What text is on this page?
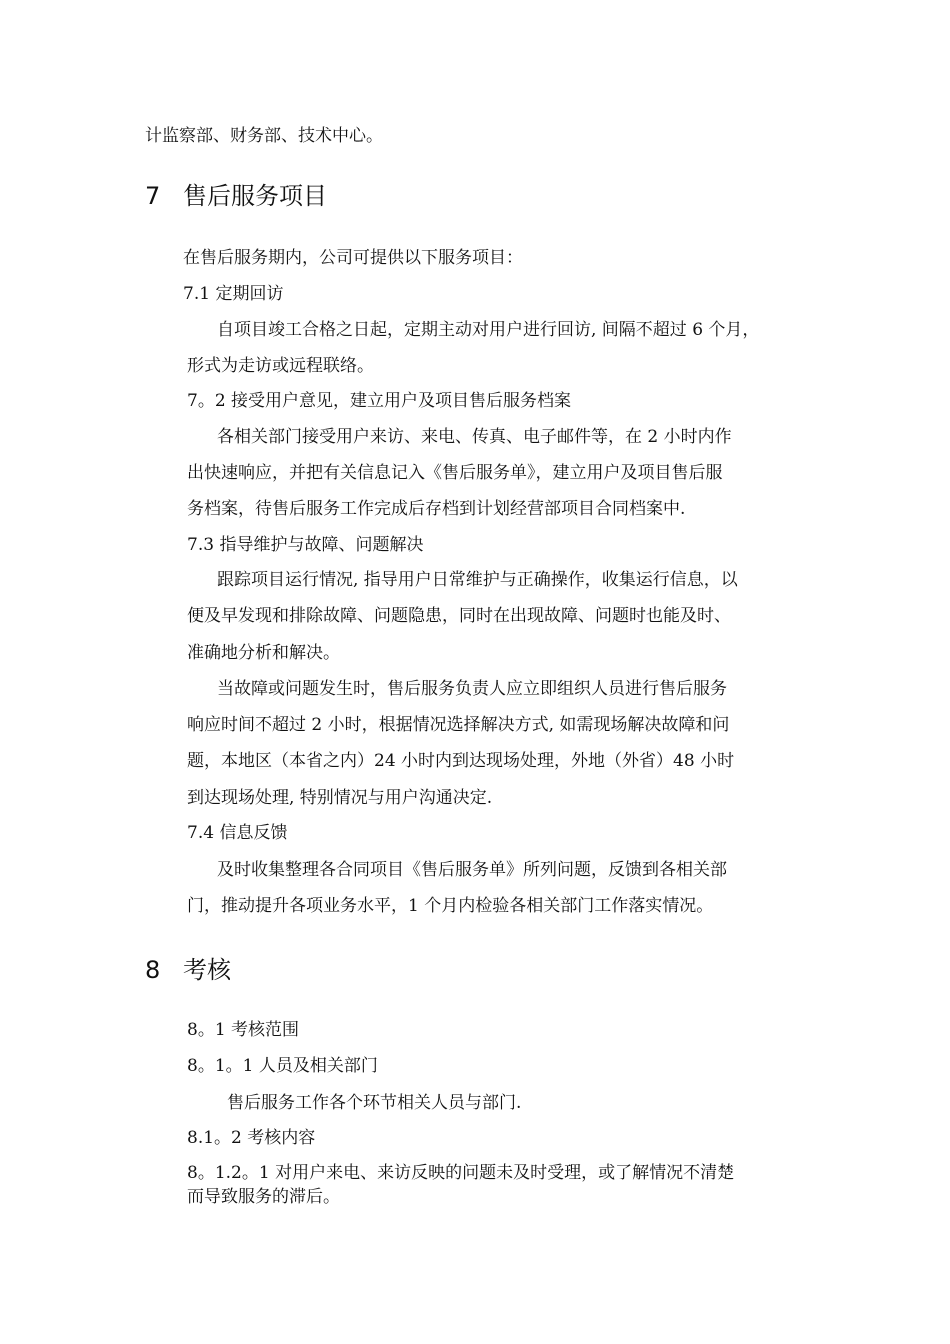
计监察部、财务部、技术中心。
7 售后服务项目
在售后服务期内，公司可提供以下服务项目：
7.1 定期回访
自项目竣工合格之日起，定期主动对用户进行回访, 间隔不超过 6 个月，
形式为走访或远程联络。
7。2 接受用户意见，建立用户及项目售后服务档案
各相关部门接受用户来访、来电、传真、电子邮件等，在 2 小时内作
出快速响应，并把有关信息记入《售后服务单》，建立用户及项目售后服
务档案，待售后服务工作完成后存档到计划经营部项目合同档案中.
7.3 指导维护与故障、问题解决
跟踪项目运行情况, 指导用户日常维护与正确操作，收集运行信息，以
便及早发现和排除故障、问题隐患，同时在出现故障、问题时也能及时、
准确地分析和解决。
当故障或问题发生时，售后服务负责人应立即组织人员进行售后服务
响应时间不超过 2 小时，根据情况选择解决方式, 如需现场解决故障和问
题，本地区（本省之内）24 小时内到达现场处理，外地（外省）48 小时
到达现场处理, 特别情况与用户沟通决定.
7.4 信息反馈
及时收集整理各合同项目《售后服务单》所列问题，反馈到各相关部
门，推动提升各项业务水平，1 个月内检验各相关部门工作落实情况。
8 考核
8。1 考核范围
8。1。1 人员及相关部门
售后服务工作各个环节相关人员与部门.
8.1。2 考核内容
8。1.2。1 对用户来电、来访反映的问题未及时受理，或了解情况不清楚
而导致服务的滞后。
